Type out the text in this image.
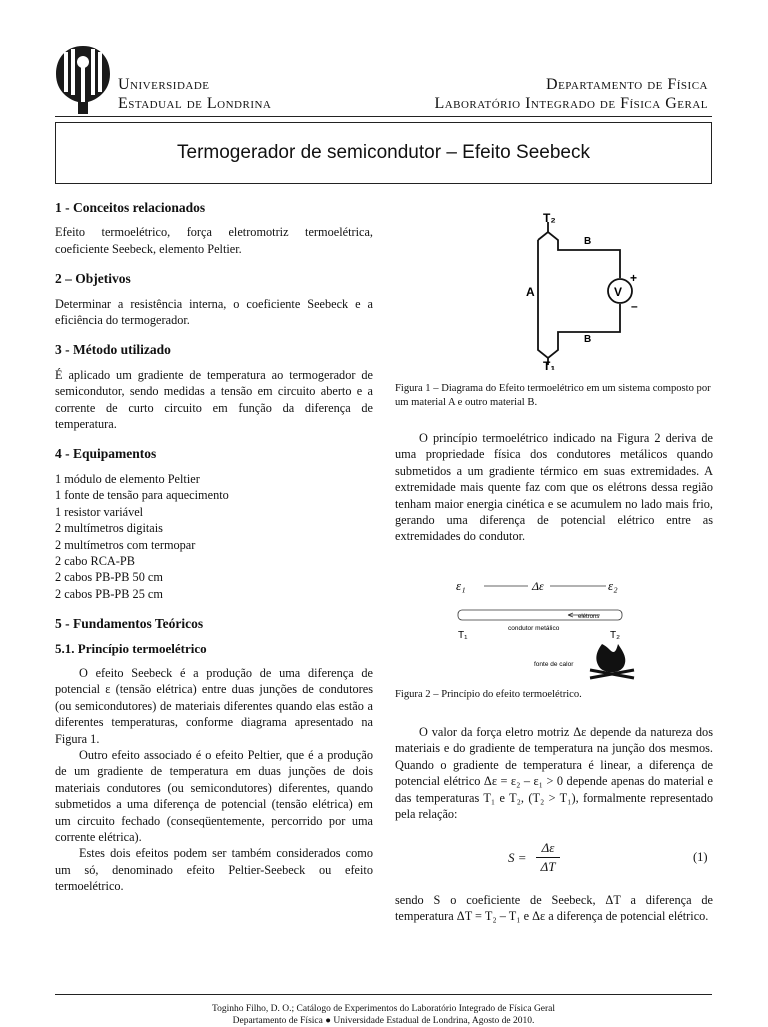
Universidade
Estadual de Londrina
Departamento de Física
Laboratório Integrado de Física Geral
Termogerador de semicondutor – Efeito Seebeck
1 - Conceitos relacionados

Efeito termoelétrico, força eletromotriz termoelétrica, coeficiente Seebeck, elemento Peltier.

2 – Objetivos

Determinar a resistência interna, o coeficiente Seebeck e a eficiência do termogerador.

3 - Método utilizado

É aplicado um gradiente de temperatura ao termogerador de semicondutor, sendo medidas a tensão em circuito aberto e a corrente de curto circuito em função da diferença de temperatura.

4 - Equipamentos
1 módulo de elemento Peltier
1 fonte de tensão para aquecimento
1 resistor variável
2 multímetros digitais
2 multímetros com termopar
2 cabo RCA-PB
2 cabos PB-PB 50 cm
2 cabos PB-PB 25 cm
5 - Fundamentos Teóricos
5.1. Princípio termoelétrico

O efeito Seebeck é a produção de uma diferença de potencial ε (tensão elétrica) entre duas junções de condutores (ou semicondutores) de materiais diferentes quando elas estão a diferentes temperaturas, conforme diagrama apresentado na Figura 1.

Outro efeito associado é o efeito Peltier, que é a produção de um gradiente de temperatura em duas junções de dois materiais condutores (ou semicondutores) diferentes, quando submetidos a uma diferença de potencial (tensão elétrica) em um circuito fechado (conseqüentemente, percorrido por uma corrente elétrica).

Estes dois efeitos podem ser também considerados como um só, denominado efeito Peltier-Seebeck ou efeito termoelétrico.

T₂
T₁
A
B
B
V
+
–
Figura 1 – Diagrama do Efeito termoelétrico em um sistema composto por um material A e outro material B.
O princípio termoelétrico indicado na Figura 2 deriva de uma propriedade física dos condutores metálicos quando submetidos a um gradiente térmico em suas extremidades. A extremidade mais quente faz com que os elétrons dessa região tenham maior energia cinética e se acumulem no lado mais frio, gerando uma diferença de potencial elétrico entre as extremidades do condutor.
ε₁	Δε	ε₂
elétrons
condutor metálico
T₁	T₂
fonte de calor
Figura 2 – Princípio do efeito termoelétrico.
O valor da força eletro motriz Δε depende da natureza dos materiais e do gradiente de temperatura na junção dos mesmos. Quando o gradiente de temperatura é linear, a diferença de potencial elétrico Δε = ε₂ – ε₁ > 0 depende apenas do material e das temperaturas T₁ e T₂, (T₂ > T₁), formalmente representado pela relação:
S =
Δε
ΔT
(1)
sendo S o coeficiente de Seebeck, ΔT a diferença de temperatura ΔT = T₂ – T₁ e Δε a diferença de potencial elétrico.
Toginho Filho, D. O.; Catálogo de Experimentos do Laboratório Integrado de Física Geral
Departamento de Física ● Universidade Estadual de Londrina, Agosto de 2010.
